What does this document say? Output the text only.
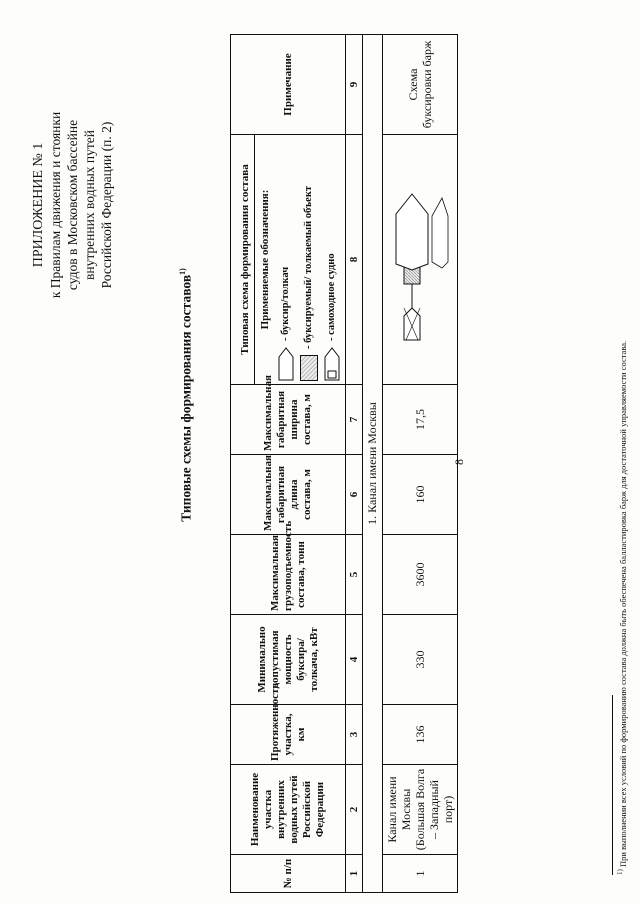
8
ПРИЛОЖЕНИЕ № 1 к Правилам движения и стоянки судов в Московском бассейне внутренних водных путей Российской Федерации (п. 2)
Типовые схемы формирования составов$^{1)}$
№ п/п	Наименование участка внутренних водных путей Российской Федерации	Протяженность участка, км	Минимально допустимая мощность буксира/толкача, кВт	Максимальная грузоподъемность состава, тонн	Максимальная габаритная длина состава, м	Максимальная габаритная ширина состава, м	Типовая схема формирования состава Применяемые обозначения: - буксир/толкач - буксируемый/ толкаемый объект - самоходное судно	Примечание
1	2	3	4	5	6	7	8	9
1. Канал имени Москвы								
1	Канал имени Москвы (Большая Волга – Западный порт)	136	330	3600	160	17,5		Схема буксировки барж
$^{1)}$ При выполнении всех условий по формированию состава должна быть обеспечена балластировка барж для достаточной управляемости состава.
